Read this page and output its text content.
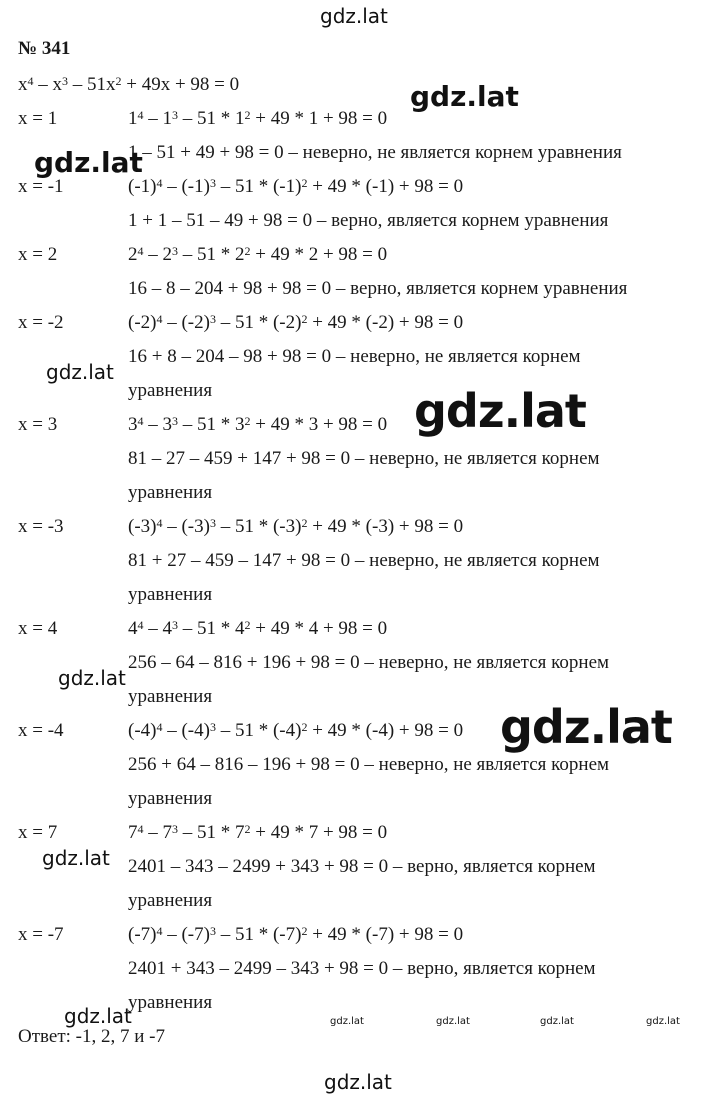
gdz.lat
№ 341
$x^4 - x^3 - 51x^2 + 49x + 98 = 0$
x = 1	$1^4 - 1^3 - 51 * 1^2 + 49 * 1 + 98 = 0$
1 – 51 + 49 + 98 = 0 – неверно, не является корнем уравнения
x = -1	$(-1)^4 - (-1)^3 - 51 * (-1)^2 + 49 * (-1) + 98 = 0$
1 + 1 – 51 – 49 + 98 = 0 – верно, является корнем уравнения
x = 2	$2^4 - 2^3 - 51 * 2^2 + 49 * 2 + 98 = 0$
16 – 8 – 204 + 98 + 98 = 0 – верно, является корнем уравнения
x = -2	$(-2)^4 - (-2)^3 - 51 * (-2)^2 + 49 * (-2) + 98 = 0$
16 + 8 – 204 – 98 + 98 = 0 – неверно, не является корнем
уравнения
x = 3	$3^4 - 3^3 - 51 * 3^2 + 49 * 3 + 98 = 0$
81 – 27 – 459 + 147 + 98 = 0 – неверно, не является корнем
уравнения
x = -3	$(-3)^4 - (-3)^3 - 51 * (-3)^2 + 49 * (-3) + 98 = 0$
81 + 27 – 459 – 147 + 98 = 0 – неверно, не является корнем
уравнения
x = 4	$4^4 - 4^3 - 51 * 4^2 + 49 * 4 + 98 = 0$
256 – 64 – 816 + 196 + 98 = 0 – неверно, не является корнем
уравнения
x = -4	$(-4)^4 - (-4)^3 - 51 * (-4)^2 + 49 * (-4) + 98 = 0$
256 + 64 – 816 – 196 + 98 = 0 – неверно, не является корнем
уравнения
x = 7	$7^4 - 7^3 - 51 * 7^2 + 49 * 7 + 98 = 0$
2401 – 343 – 2499 + 343 + 98 = 0 – верно, является корнем
уравнения
x = -7	$(-7)^4 - (-7)^3 - 51 * (-7)^2 + 49 * (-7) + 98 = 0$
2401 + 343 – 2499 – 343 + 98 = 0 – верно, является корнем
уравнения
Ответ: -1, 2, 7 и -7
gdz.lat
gdz.lat
gdz.lat
gdz.lat
gdz.lat
gdz.lat
gdz.lat
gdz.lat	gdz.lat	gdz.lat	gdz.lat	gdz.lat
gdz.lat
